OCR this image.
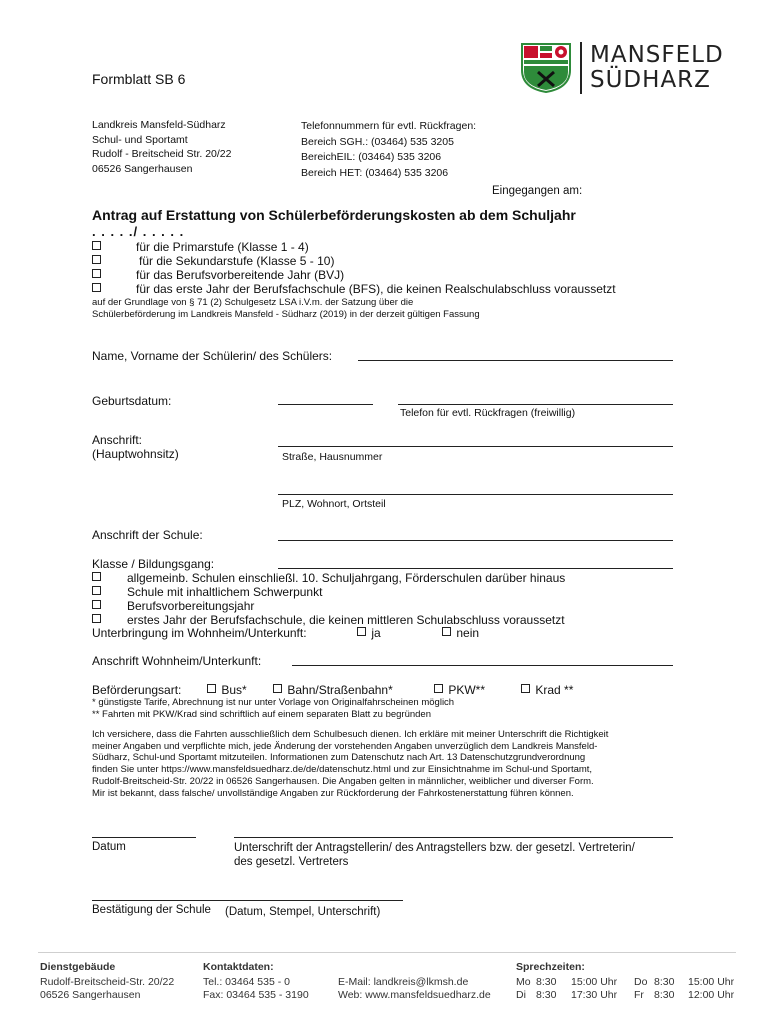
Formblatt SB 6
MANSFELD
SÜDHARZ
Landkreis Mansfeld-Südharz
Schul- und Sportamt
Rudolf - Breitscheid Str. 20/22
06526 Sangerhausen
Telefonnummern für evtl. Rückfragen:
Bereich SGH.: (03464) 535 3205
BereichEIL: (03464) 535 3206
Bereich HET: (03464) 535 3206
Eingegangen am:
Antrag auf Erstattung von Schülerbeförderungskosten ab dem Schuljahr
. . . . ./ . . . . .
für die Primarstufe (Klasse 1 - 4)
für die Sekundarstufe (Klasse 5 - 10)
für das Berufsvorbereitende Jahr (BVJ)
für das erste Jahr der Berufsfachschule (BFS), die keinen Realschulabschluss voraussetzt
auf der Grundlage von § 71 (2) Schulgesetz LSA i.V.m. der Satzung über die
Schülerbeförderung im Landkreis Mansfeld - Südharz (2019) in der derzeit gültigen Fassung
Name, Vorname der Schülerin/ des Schülers:
Geburtsdatum:
Telefon für evtl. Rückfragen (freiwillig)
Anschrift:
(Hauptwohnsitz)	Straße, Hausnummer
PLZ, Wohnort, Ortsteil
Anschrift der Schule:
Klasse / Bildungsgang:
allgemeinb. Schulen einschließl. 10. Schuljahrgang, Förderschulen darüber hinaus
Schule mit inhaltlichem Schwerpunkt
Berufsvorbereitungsjahr
erstes Jahr der Berufsfachschule, die keinen mittleren Schulabschluss voraussetzt
Unterbringung im Wohnheim/Unterkunft:	ja	nein
Anschrift Wohnheim/Unterkunft:
Beförderungsart:	Bus*	Bahn/Straßenbahn*	PKW**	Krad **
* günstigste Tarife, Abrechnung ist nur unter Vorlage von Originalfahrscheinen möglich
** Fahrten mit PKW/Krad sind schriftlich auf einem separaten Blatt zu begründen
Ich versichere, dass die Fahrten ausschließlich dem Schulbesuch dienen. Ich erkläre mit meiner Unterschrift die Richtigkeit
meiner Angaben und verpflichte mich, jede Änderung der vorstehenden Angaben unverzüglich dem Landkreis Mansfeld-
Südharz, Schul-und Sportamt mitzuteilen. Informationen zum Datenschutz nach Art. 13 Datenschutzgrundverordnung
finden Sie unter https://www.mansfeldsuedharz.de/de/datenschutz.html und zur Einsichtnahme im Schul-und Sportamt,
Rudolf-Breitscheid-Str. 20/22 in 06526 Sangerhausen. Die Angaben gelten in männlicher, weiblicher und diverser Form.
Mir ist bekannt, dass falsche/ unvollständige Angaben zur Rückforderung der Fahrkostenerstattung führen können.
Datum	Unterschrift der Antragstellerin/ des Antragstellers bzw. der gesetzl. Vertreterin/
des gesetzl. Vertreters
Bestätigung der Schule (Datum, Stempel, Unterschrift)
Dienstgebäude
Rudolf-Breitscheid-Str. 20/22
06526 Sangerhausen
Kontaktdaten:
Tel.: 03464 535 - 0
Fax: 03464 535 - 3190
E-Mail: landkreis@lkmsh.de
Web: www.mansfeldsuedharz.de
Sprechzeiten:
Mo 8:30 15:00 Uhr Do 8:30 15:00 Uhr
Di 8:30 17:30 Uhr Fr 8:30 12:00 Uhr
